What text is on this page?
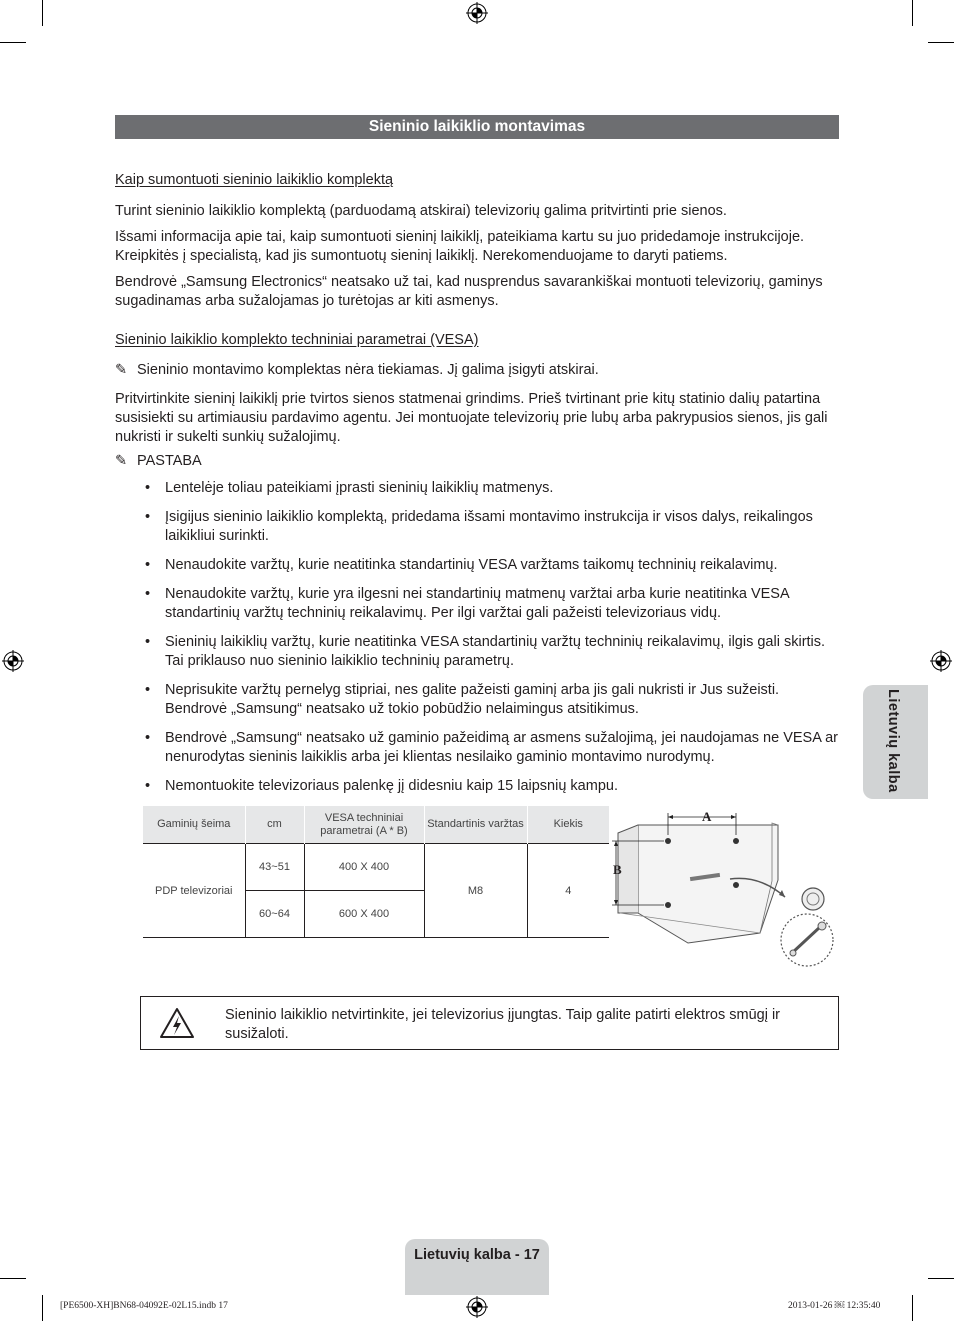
Sieninio laikiklio montavimas
Kaip sumontuoti sieninio laikiklio komplektą
Turint sieninio laikiklio komplektą (parduodamą atskirai) televizorių galima pritvirtinti prie sienos.
Išsami informacija apie tai, kaip sumontuoti sieninį laikiklį, pateikiama kartu su juo pridedamoje instrukcijoje. Kreipkitės į specialistą, kad jis sumontuotų sieninį laikiklį. Nerekomenduojame to daryti patiems.
Bendrovė „Samsung Electronics“ neatsako už tai, kad nusprendus savarankiškai montuoti televizorių, gaminys sugadinamas arba sužalojamas jo turėtojas ar kiti asmenys.
Sieninio laikiklio komplekto techniniai parametrai (VESA)
✎ Sieninio montavimo komplektas nėra tiekiamas. Jį galima įsigyti atskirai.
Pritvirtinkite sieninį laikiklį prie tvirtos sienos statmenai grindims. Prieš tvirtinant prie kitų statinio dalių patartina susisiekti su artimiausiu pardavimo agentu. Jei montuojate televizorių prie lubų arba pakrypusios sienos, jis gali nukristi ir sukelti sunkių sužalojimų.
✎ PASTABA
• Lentelėje toliau pateikiami įprasti sieninių laikiklių matmenys.
• Įsigijus sieninio laikiklio komplektą, pridedama išsami montavimo instrukcija ir visos dalys, reikalingos laikikliui surinkti.
• Nenaudokite varžtų, kurie neatitinka standartinių VESA varžtams taikomų techninių reikalavimų.
• Nenaudokite varžtų, kurie yra ilgesni nei standartinių matmenų varžtai arba kurie neatitinka VESA standartinių varžtų techninių reikalavimų. Per ilgi varžtai gali pažeisti televizoriaus vidų.
• Sieninių laikiklių varžtų, kurie neatitinka VESA standartinių varžtų techninių reikalavimų, ilgis gali skirtis. Tai priklauso nuo sieninio laikiklio techninių parametrų.
• Neprisukite varžtų pernelyg stipriai, nes galite pažeisti gaminį arba jis gali nukristi ir Jus sužeisti. Bendrovė „Samsung“ neatsako už tokio pobūdžio nelaimingus atsitikimus.
• Bendrovė „Samsung“ neatsako už gaminio pažeidimą ar asmens sužalojimą, jei naudojamas ne VESA ar nenurodytas sieninis laikiklis arba jei klientas nesilaiko gaminio montavimo nurodymų.
• Nemontuokite televizoriaus palenkę jį didesniu kaip 15 laipsnių kampu.
Gaminių šeima	cm	VESA techniniai parametrai (A * B)	Standartinis varžtas	Kiekis
PDP televizoriai	43~51	400 X 400	M8	4
	60~64	600 X 400		
A
B
Sieninio laikiklio netvirtinkite, jei televizorius įjungtas. Taip galite patirti elektros smūgį ir susižaloti.
Lietuvių kalba
Lietuvių kalba - 17
[PE6500-XH]BN68-04092E-02L15.indb 17	2013-01-26 ￼ 12:35:40
